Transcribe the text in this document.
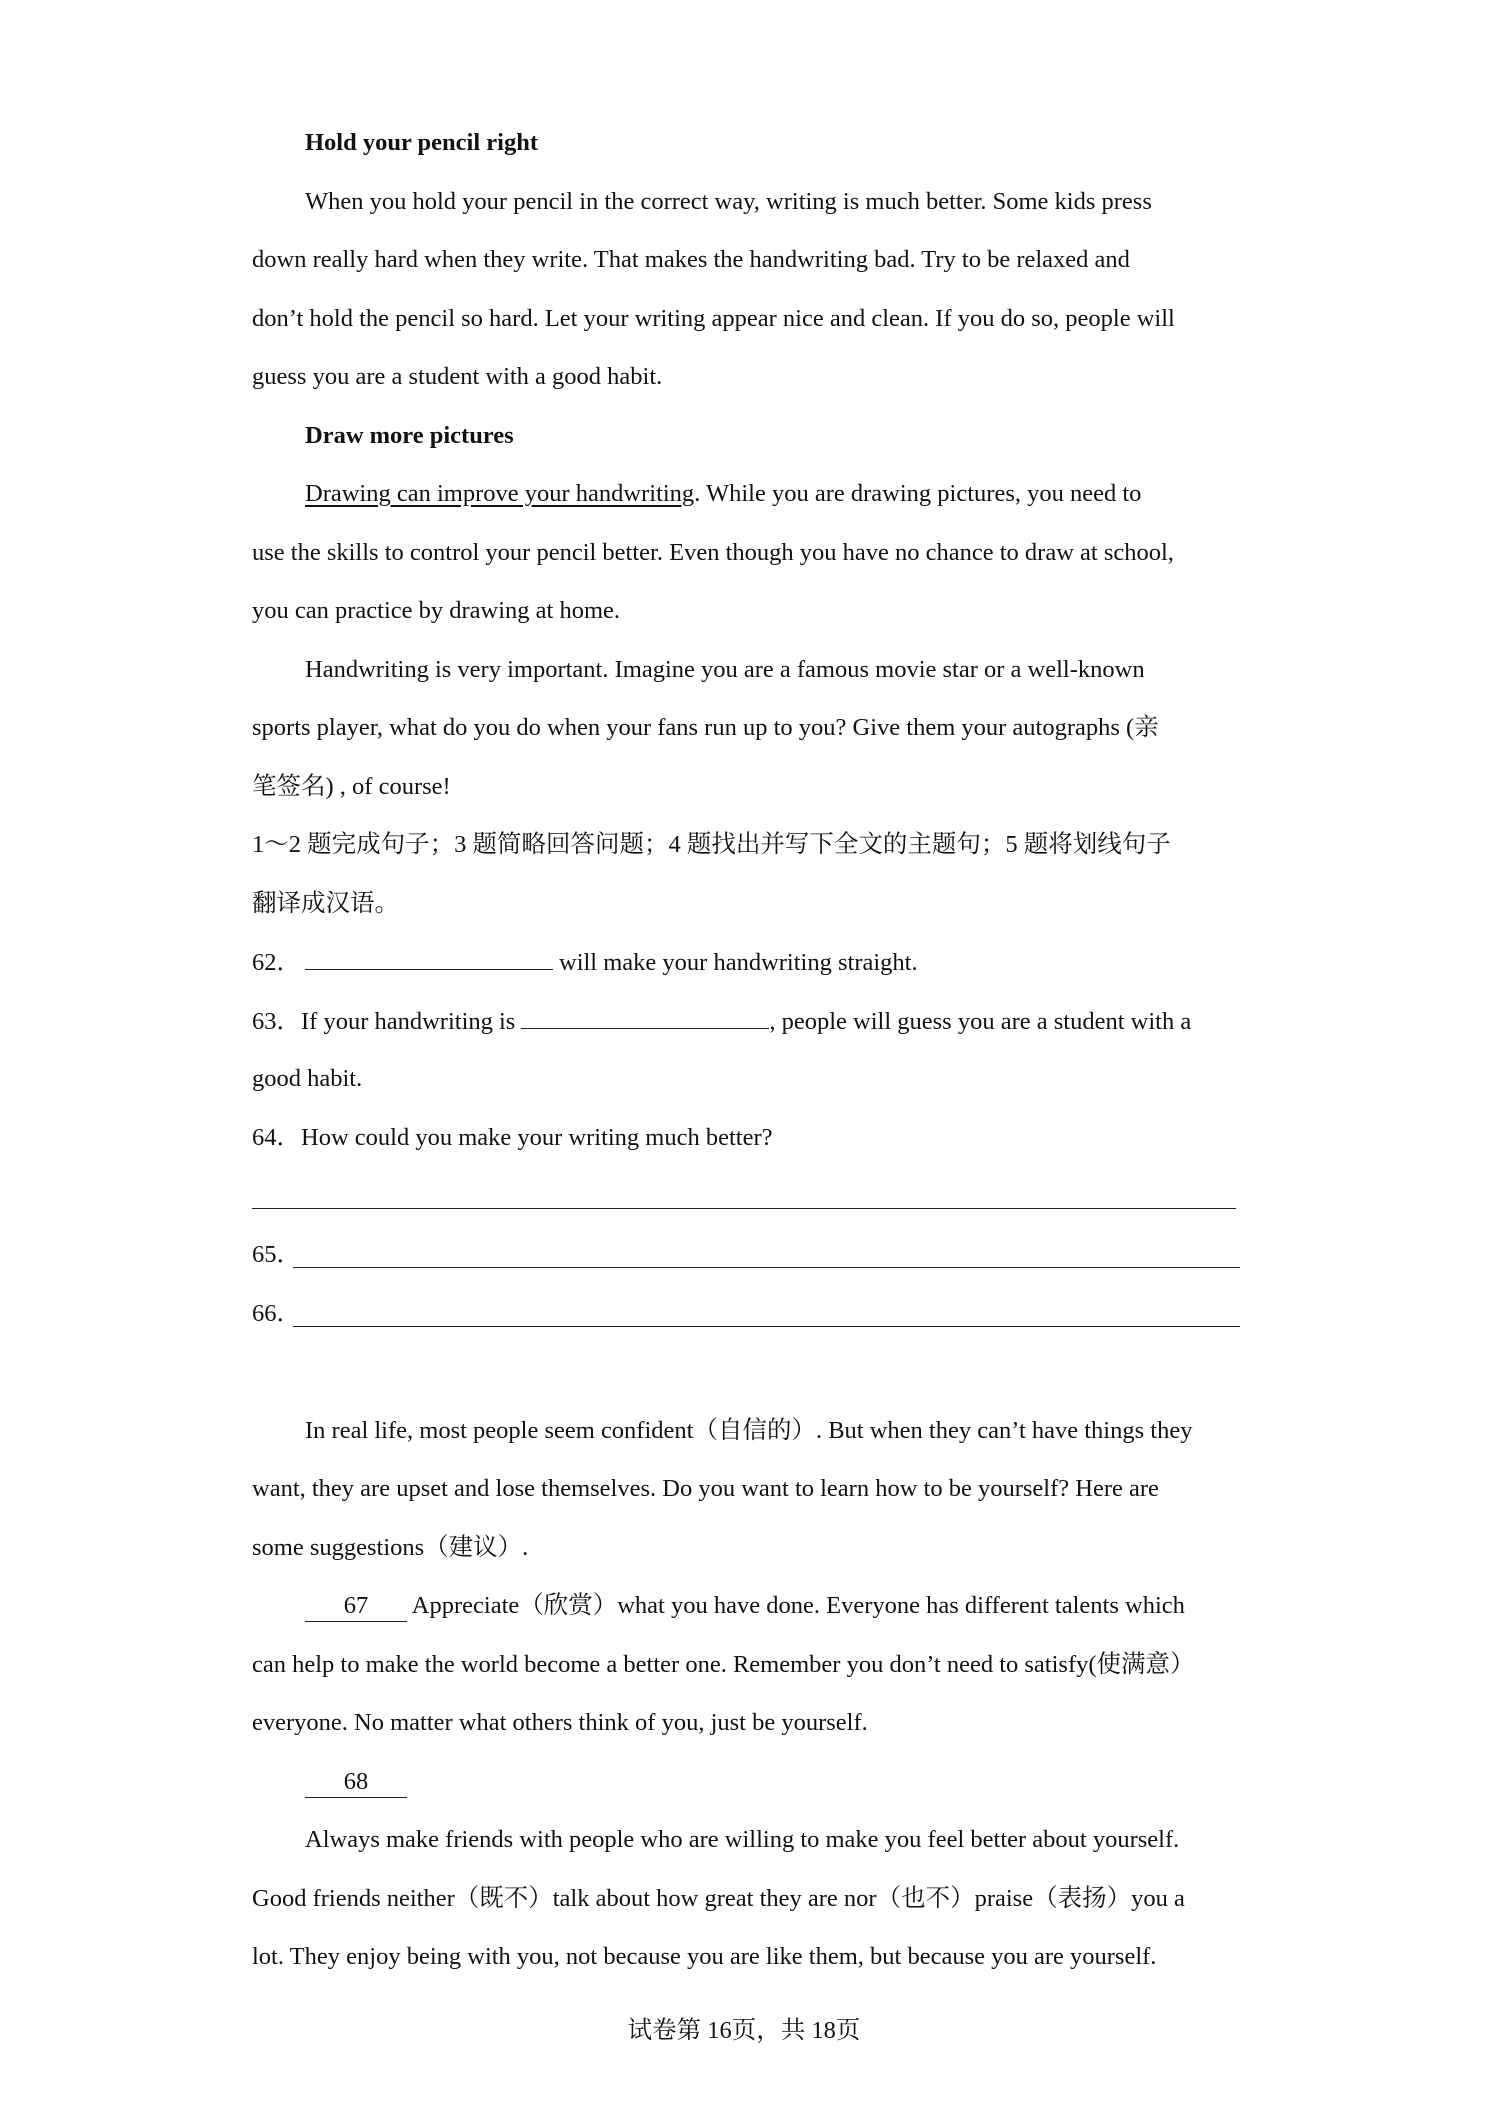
Hold your pencil right
When you hold your pencil in the correct way, writing is much better. Some kids press
down really hard when they write. That makes the handwriting bad. Try to be relaxed and
don’t hold the pencil so hard. Let your writing appear nice and clean. If you do so, people will
guess you are a student with a good habit.
Draw more pictures
Drawing can improve your handwriting. While you are drawing pictures, you need to
use the skills to control your pencil better. Even though you have no chance to draw at school,
you can practice by drawing at home.
Handwriting is very important. Imagine you are a famous movie star or a well-known
sports player, what do you do when your fans run up to you? Give them your autographs (亲
笔签名) , of course!
1～2 题完成句子；3 题简略回答问题；4 题找出并写下全文的主题句；5 题将划线句子
翻译成汉语。
62．	will make your handwriting straight.
63．If your handwriting is	, people will guess you are a student with a
good habit.
64．How could you make your writing much better?
65．
66．
In real life, most people seem confident（自信的）. But when they can’t have things they
want, they are upset and lose themselves. Do you want to learn how to be yourself? Here are
some suggestions（建议）.
67 Appreciate（欣赏）what you have done. Everyone has different talents which
can help to make the world become a better one. Remember you don’t need to satisfy(使满意）
everyone. No matter what others think of you, just be yourself.
68
Always make friends with people who are willing to make you feel better about yourself.
Good friends neither（既不）talk about how great they are nor（也不）praise（表扬）you a
lot. They enjoy being with you, not because you are like them, but because you are yourself.
试卷第 16页，共 18页
